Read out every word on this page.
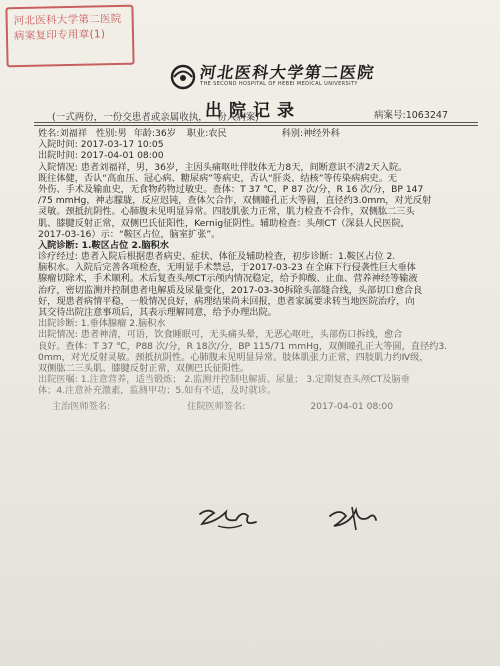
河北医科大学第二医院
病案复印专用章(1)
河北医科大学第二医院
THE SECOND HOSPITAL OF HEBEI MEDICAL UNIVERSITY
出院记录
(一式两份，一份交患者或亲属收执，一份入病案)	病案号:1063247
姓名:刘福祥 性别:男 年龄:36岁 职业:农民	科别:神经外科
入院时间: 2017-03-17 10:05
出院时间: 2017-04-01 08:00
入院情况: 患者刘福祥，男，36岁，主因头痛呕吐伴肢体无力8天，间断意识不清2天入院。
既往体健，否认“高血压、冠心病、糖尿病”等病史，否认“肝炎、结核”等传染病病史。无
外伤、手术及输血史，无食物药物过敏史。查体：T 37 ℃，P 87 次/分，R 16 次/分，BP 147
/75 mmHg，神志朦胧，反应迟钝，查体欠合作，双侧瞳孔正大等圆，直径约3.0mm，对光反射
灵敏。颈抵抗阴性。心肺腹未见明显异常。四肢肌张力正常，肌力检查不合作，双侧肱二三头
肌、膝腱反射正常，双侧巴氏征阳性，Kernig征阴性。辅助检查：头颅CT（深县人民医院，
2017-03-16）示：“鞍区占位，脑室扩张”。
入院诊断: 1.鞍区占位 2.脑积水
诊疗经过: 患者入院后根据患者病史、症状、体征及辅助检查，初步诊断：1.鞍区占位 2.
脑积水。入院后完善各项检查，无明显手术禁忌，于2017-03-23 在全麻下行侵袭性巨大垂体
腺瘤切除术，手术顺利。术后复查头颅CT示颅内情况稳定，给予抑酸、止血、营养神经等输液
治疗，密切监测并控制患者电解质及尿量变化，2017-03-30拆除头部缝合线，头部切口愈合良
好，现患者病情平稳，一般情况良好，病理结果尚未回报，患者家属要求转当地医院治疗，向
其交待出院注意事项后，其表示理解同意，给予办理出院。
出院诊断: 1.垂体腺瘤 2.脑积水
出院情况: 患者神清，可语，饮食睡眠可，无头痛头晕，无恶心呕吐，头部伤口拆线，愈合
良好。查体：T 37 ℃，P88 次/分，R 18次/分，BP 115/71 mmHg，双侧瞳孔正大等圆，直径约3.
0mm，对光反射灵敏。颈抵抗阴性。心肺腹未见明显异常。肢体肌张力正常，四肢肌力约Ⅳ级，
双侧肱二三头肌、膝腱反射正常，双侧巴氏征阳性。
出院医嘱: 1.注意营养，适当锻炼； 2.监测并控制电解质、尿量； 3.定期复查头颅CT及脑垂
体；4.注意补充激素，监测甲功；5.如有不适，及时就诊。
主治医师签名:	住院医师签名:	2017-04-01 08:00
